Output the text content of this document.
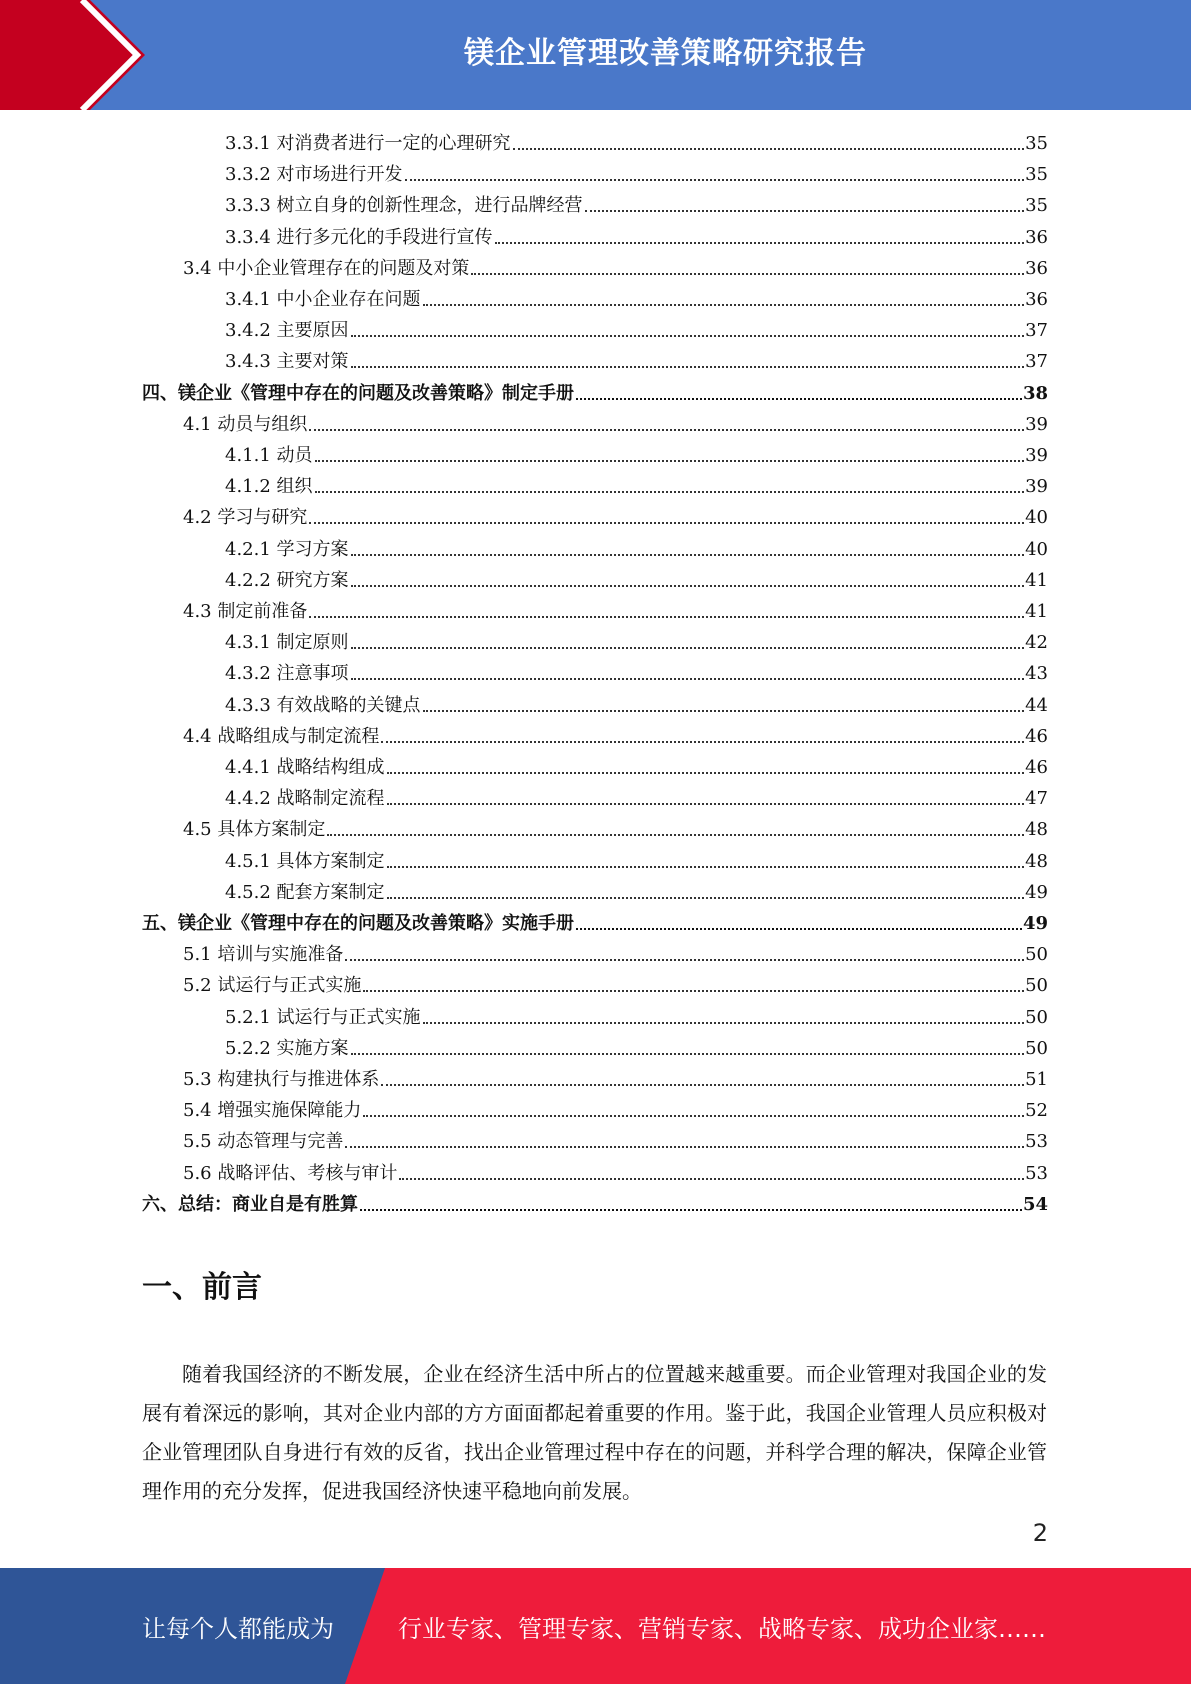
镁企业管理改善策略研究报告
3.3.1 对消费者进行一定的心理研究	35
3.3.2 对市场进行开发	35
3.3.3 树立自身的创新性理念，进行品牌经营	35
3.3.4 进行多元化的手段进行宣传	36
3.4 中小企业管理存在的问题及对策	36
3.4.1 中小企业存在问题	36
3.4.2 主要原因	37
3.4.3 主要对策	37
四、镁企业《管理中存在的问题及改善策略》制定手册	38
4.1 动员与组织	39
4.1.1 动员	39
4.1.2 组织	39
4.2 学习与研究	40
4.2.1 学习方案	40
4.2.2 研究方案	41
4.3 制定前准备	41
4.3.1 制定原则	42
4.3.2 注意事项	43
4.3.3 有效战略的关键点	44
4.4 战略组成与制定流程	46
4.4.1 战略结构组成	46
4.4.2 战略制定流程	47
4.5 具体方案制定	48
4.5.1 具体方案制定	48
4.5.2 配套方案制定	49
五、镁企业《管理中存在的问题及改善策略》实施手册	49
5.1 培训与实施准备	50
5.2 试运行与正式实施	50
5.2.1 试运行与正式实施	50
5.2.2 实施方案	50
5.3 构建执行与推进体系	51
5.4 增强实施保障能力	52
5.5 动态管理与完善	53
5.6 战略评估、考核与审计	53
六、总结：商业自是有胜算	54
一、前言
随着我国经济的不断发展，企业在经济生活中所占的位置越来越重要。而企业管理对我国企业的发展有着深远的影响，其对企业内部的方方面面都起着重要的作用。鉴于此，我国企业管理人员应积极对企业管理团队自身进行有效的反省，找出企业管理过程中存在的问题，并科学合理的解决，保障企业管理作用的充分发挥，促进我国经济快速平稳地向前发展。
2
让每个人都能成为	行业专家、管理专家、营销专家、战略专家、成功企业家……
